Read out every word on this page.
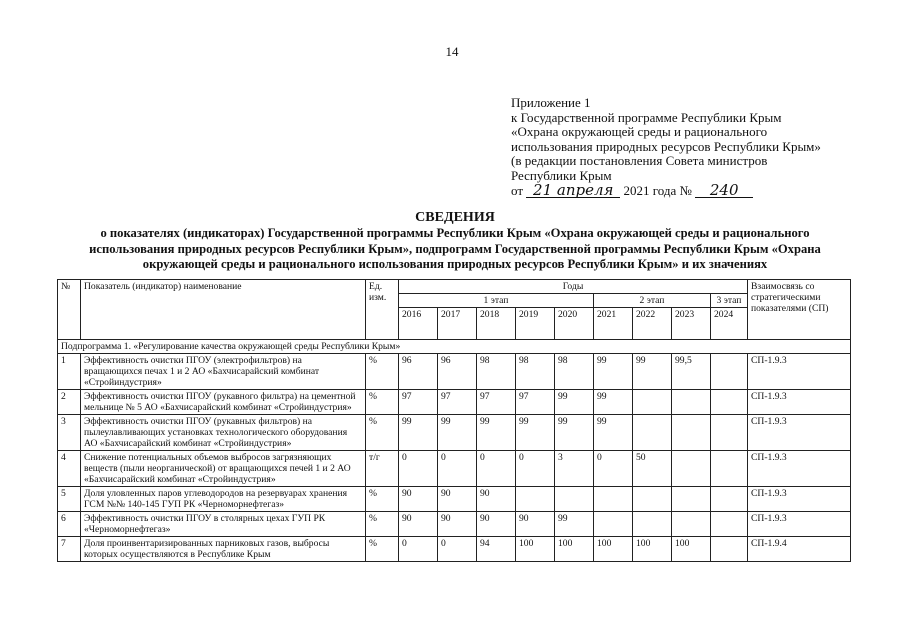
14
Приложение 1
к Государственной программе Республики Крым
«Охрана окружающей среды и рационального
использования природных ресурсов Республики Крым»
(в редакции постановления Совета министров
Республики Крым
от 21 апреля 2021 года № 240
СВЕДЕНИЯ
о показателях (индикаторах) Государственной программы Республики Крым «Охрана окружающей среды и рационального использования природных ресурсов Республики Крым», подпрограмм Государственной программы Республики Крым «Охрана окружающей среды и рационального использования природных ресурсов Республики Крым» и их значениях
№	Показатель (индикатор) наименование	Ед. изм.	Годы									Взаимосвязь со стратегическими показателями (СП)
			1 этап					2 этап			3 этап	
			2016	2017	2018	2019	2020	2021	2022	2023	2024	
Подпрограмма 1. «Регулирование качества окружающей среды Республики Крым»												
1	Эффективность очистки ПГОУ (электрофильтров) на вращающихся печах 1 и 2 АО «Бахчисарайский комбинат «Стройиндустрия»	%	96	96	98	98	98	99	99	99,5		СП-1.9.3
2	Эффективность очистки ПГОУ (рукавного фильтра) на цементной мельнице № 5 АО «Бахчисарайский комбинат «Стройиндустрия»	%	97	97	97	97	99	99				СП-1.9.3
3	Эффективность очистки ПГОУ (рукавных фильтров) на пылеулавливающих установках технологического оборудования АО «Бахчисарайский комбинат «Стройиндустрия»	%	99	99	99	99	99	99				СП-1.9.3
4	Снижение потенциальных объемов выбросов загрязняющих веществ (пыли неорганической) от вращающихся печей 1 и 2 АО «Бахчисарайский комбинат «Стройиндустрия»	т/г	0	0	0	0	3	0	50			СП-1.9.3
5	Доля уловленных паров углеводородов на резервуарах хранения ГСМ №№ 140-145 ГУП РК «Черноморнефтегаз»	%	90	90	90							СП-1.9.3
6	Эффективность очистки ПГОУ в столярных цехах ГУП РК «Черноморнефтегаз»	%	90	90	90	90	99					СП-1.9.3
7	Доля проинвентаризированных парниковых газов, выбросы которых осуществляются в Республике Крым	%	0	0	94	100	100	100	100	100		СП-1.9.4
